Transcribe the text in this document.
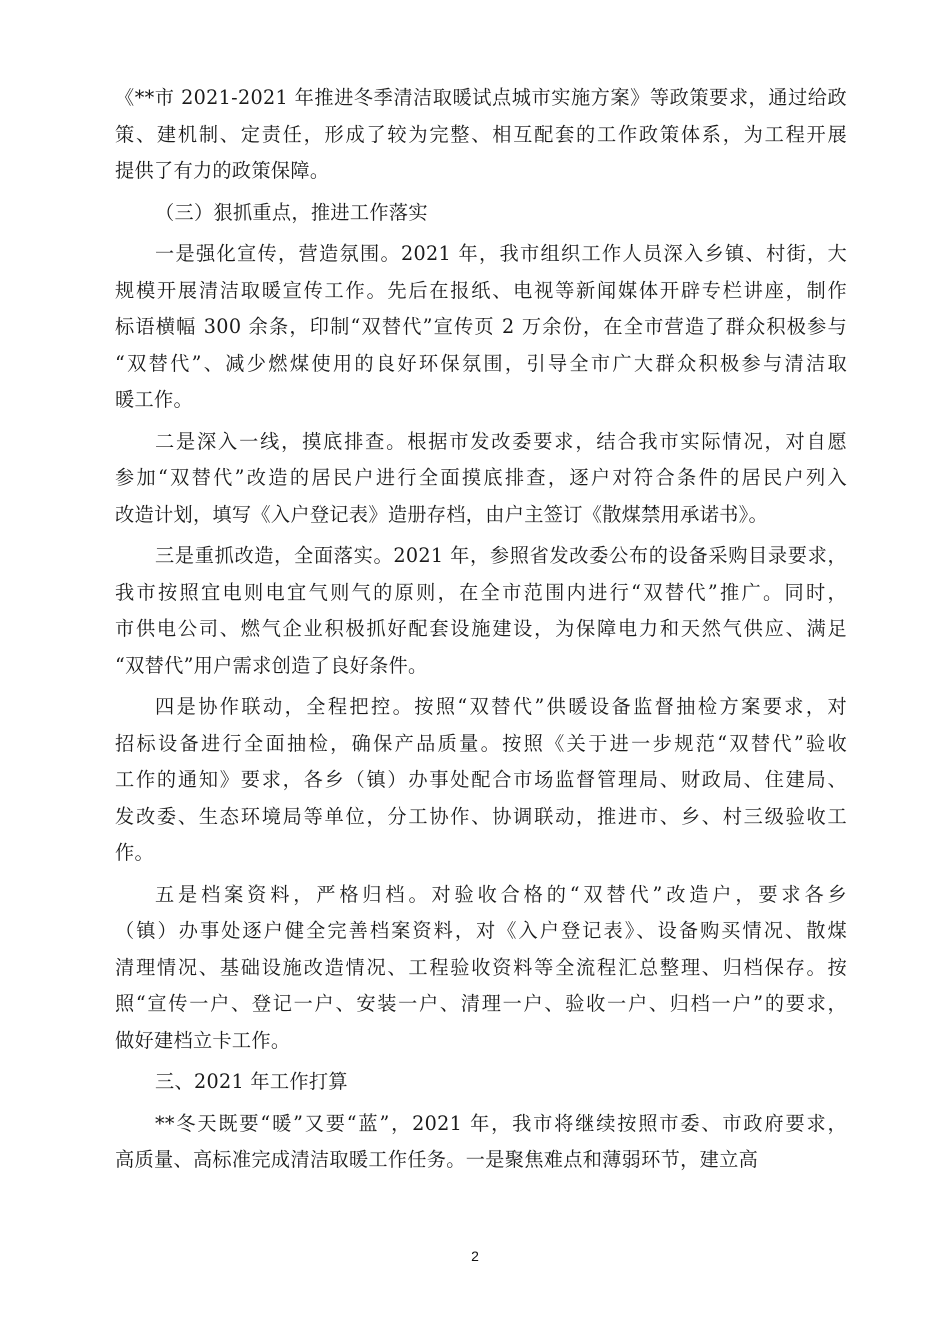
《**市 2021-2021 年推进冬季清洁取暖试点城市实施方案》等政策要求，通过给政
策、建机制、定责任，形成了较为完整、相互配套的工作政策体系，为工程开展
提供了有力的政策保障。
（三）狠抓重点，推进工作落实
一是强化宣传，营造氛围。2021 年，我市组织工作人员深入乡镇、村街，大
规模开展清洁取暖宣传工作。先后在报纸、电视等新闻媒体开辟专栏讲座，制作
标语横幅 300 余条，印制“双替代”宣传页 2 万余份，在全市营造了群众积极参与
“双替代”、减少燃煤使用的良好环保氛围，引导全市广大群众积极参与清洁取
暖工作。
二是深入一线，摸底排查。根据市发改委要求，结合我市实际情况，对自愿
参加“双替代”改造的居民户进行全面摸底排查，逐户对符合条件的居民户列入
改造计划，填写《入户登记表》造册存档，由户主签订《散煤禁用承诺书》。
三是重抓改造，全面落实。2021 年，参照省发改委公布的设备采购目录要求，
我市按照宜电则电宜气则气的原则，在全市范围内进行“双替代”推广。同时，
市供电公司、燃气企业积极抓好配套设施建设，为保障电力和天然气供应、满足
“双替代”用户需求创造了良好条件。
四是协作联动，全程把控。按照“双替代”供暖设备监督抽检方案要求，对
招标设备进行全面抽检，确保产品质量。按照《关于进一步规范“双替代”验收
工作的通知》要求，各乡（镇）办事处配合市场监督管理局、财政局、住建局、
发改委、生态环境局等单位，分工协作、协调联动，推进市、乡、村三级验收工
作。
五是档案资料，严格归档。对验收合格的“双替代”改造户，要求各乡
（镇）办事处逐户健全完善档案资料，对《入户登记表》、设备购买情况、散煤
清理情况、基础设施改造情况、工程验收资料等全流程汇总整理、归档保存。按
照“宣传一户、登记一户、安装一户、清理一户、验收一户、归档一户”的要求，
做好建档立卡工作。
三、2021 年工作打算
**冬天既要“暖”又要“蓝”，2021 年，我市将继续按照市委、市政府要求，
高质量、高标准完成清洁取暖工作任务。一是聚焦难点和薄弱环节，建立高
2
